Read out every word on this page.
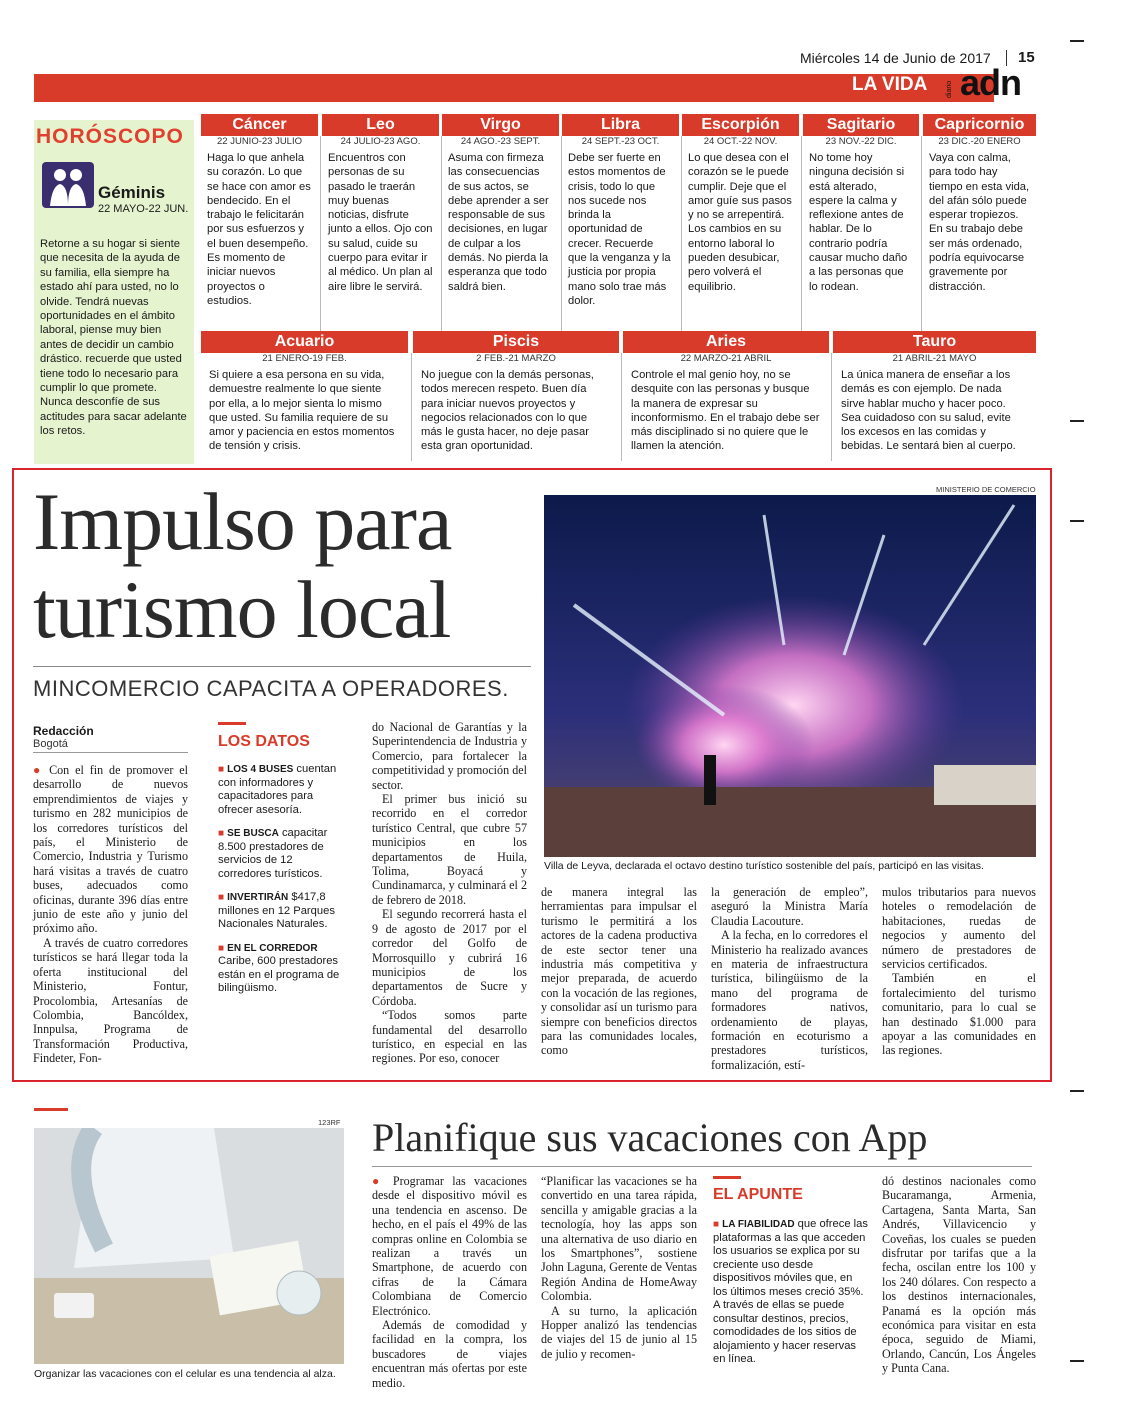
Miércoles 14 de Junio de 2017 15
LA VIDA	diario adn
HORÓSCOPO
Géminis
22 MAYO-22 JUN.
Retorne a su hogar si siente que necesita de la ayuda de su familia, ella siempre ha estado ahí para usted, no lo olvide. Tendrá nuevas oportunidades en el ámbito laboral, piense muy bien antes de decidir un cambio drástico. recuerde que usted tiene todo lo necesario para cumplir lo que promete. Nunca desconfíe de sus actitudes para sacar adelante los retos.
Cáncer
22 JUNIO-23 JULIO
Haga lo que anhela su corazón. Lo que se hace con amor es bendecido. En el trabajo le felicitarán por sus esfuerzos y el buen desempeño. Es momento de iniciar nuevos proyectos o estudios.
Leo
24 JULIO-23 AGO.
Encuentros con personas de su pasado le traerán muy buenas noticias, disfrute junto a ellos. Ojo con su salud, cuide su cuerpo para evitar ir al médico. Un plan al aire libre le servirá.
Virgo
24 AGO.-23 SEPT.
Asuma con firmeza las consecuencias de sus actos, se debe aprender a ser responsable de sus decisiones, en lugar de culpar a los demás. No pierda la esperanza que todo saldrá bien.
Libra
24 SEPT.-23 OCT.
Debe ser fuerte en estos momentos de crisis, todo lo que nos sucede nos brinda la oportunidad de crecer. Recuerde que la venganza y la justicia por propia mano solo trae más dolor.
Escorpión
24 OCT.-22 NOV.
Lo que desea con el corazón se le puede cumplir. Deje que el amor guíe sus pasos y no se arrepentirá. Los cambios en su entorno laboral lo pueden desubicar, pero volverá el equilibrio.
Sagitario
23 NOV.-22 DIC.
No tome hoy ninguna decisión si está alterado, espere la calma y reflexione antes de hablar. De lo contrario podría causar mucho daño a las personas que lo rodean.
Capricornio
23 DIC.-20 ENERO
Vaya con calma, para todo hay tiempo en esta vida, del afán sólo puede esperar tropiezos. En su trabajo debe ser más ordenado, podría equivocarse gravemente por distracción.
Acuario
21 ENERO-19 FEB.
Si quiere a esa persona en su vida, demuestre realmente lo que siente por ella, a lo mejor sienta lo mismo que usted. Su familia requiere de su amor y paciencia en estos momentos de tensión y crisis.
Piscis
2 FEB.-21 MARZO
No juegue con la demás personas, todos merecen respeto. Buen día para iniciar nuevos proyectos y negocios relacionados con lo que más le gusta hacer, no deje pasar esta gran oportunidad.
Aries
22 MARZO-21 ABRIL
Controle el mal genio hoy, no se desquite con las personas y busque la manera de expresar su inconformismo. En el trabajo debe ser más disciplinado si no quiere que le llamen la atención.
Tauro
21 ABRIL-21 MAYO
La única manera de enseñar a los demás es con ejemplo. De nada sirve hablar mucho y hacer poco. Sea cuidadoso con su salud, evite los excesos en las comidas y bebidas. Le sentará bien al cuerpo.
Impulso para
turismo local
MINCOMERCIO CAPACITA A OPERADORES.
MINISTERIO DE COMERCIO
Villa de Leyva, declarada el octavo destino turístico sostenible del país, participó en las visitas.
Redacción
Bogotá
● Con el fin de promover el desarrollo de nuevos emprendimientos de viajes y turismo en 282 municipios de los corredores turísticos del país, el Ministerio de Comercio, Industria y Turismo hará visitas a través de cuatro buses, adecuados como oficinas, durante 396 días entre junio de este año y junio del próximo año.
A través de cuatro corredores turísticos se hará llegar toda la oferta institucional del Ministerio, Fontur, Procolombia, Artesanías de Colombia, Bancóldex, Innpulsa, Programa de Transformación Productiva, Findeter, Fon-
LOS DATOS
■ LOS 4 BUSES cuentan con informadores y capacitadores para ofrecer asesoría.
■ SE BUSCA capacitar 8.500 prestadores de servicios de 12 corredores turísticos.
■ INVERTIRÁN $417,8 millones en 12 Parques Nacionales Naturales.
■ EN EL CORREDOR Caribe, 600 prestadores están en el programa de bilingüismo.
do Nacional de Garantías y la Superintendencia de Industria y Comercio, para fortalecer la competitividad y promoción del sector.
El primer bus inició su recorrido en el corredor turístico Central, que cubre 57 municipios en los departamentos de Huila, Tolima, Boyacá y Cundinamarca, y culminará el 2 de febrero de 2018.
El segundo recorrerá hasta el 9 de agosto de 2017 por el corredor del Golfo de Morrosquillo y cubrirá 16 municipios de los departamentos de Sucre y Córdoba.
“Todos somos parte fundamental del desarrollo turístico, en especial en las regiones. Por eso, conocer
de manera integral las herramientas para impulsar el turismo le permitirá a los actores de la cadena productiva de este sector tener una industria más competitiva y mejor preparada, de acuerdo con la vocación de las regiones, y consolidar así un turismo para siempre con beneficios directos para las comunidades locales, como
la generación de empleo”, aseguró la Ministra María Claudia Lacouture.
A la fecha, en lo corredores el Ministerio ha realizado avances en materia de infraestructura turística, bilingüismo de la mano del programa de formadores nativos, ordenamiento de playas, formación en ecoturismo a prestadores turísticos, formalización, estí-
mulos tributarios para nuevos hoteles o remodelación de habitaciones, ruedas de negocios y aumento del número de prestadores de servicios certificados.
También en el fortalecimiento del turismo comunitario, para lo cual se han destinado $1.000 para apoyar a las comunidades en las regiones.
123RF
Organizar las vacaciones con el celular es una tendencia al alza.
Planifique sus vacaciones con App
● Programar las vacaciones desde el dispositivo móvil es una tendencia en ascenso. De hecho, en el país el 49% de las compras online en Colombia se realizan a través un Smartphone, de acuerdo con cifras de la Cámara Colombiana de Comercio Electrónico.
Además de comodidad y facilidad en la compra, los buscadores de viajes encuentran más ofertas por este medio.
“Planificar las vacaciones se ha convertido en una tarea rápida, sencilla y amigable gracias a la tecnología, hoy las apps son una alternativa de uso diario en los Smartphones”, sostiene John Laguna, Gerente de Ventas Región Andina de HomeAway Colombia.
A su turno, la aplicación Hopper analizó las tendencias de viajes del 15 de junio al 15 de julio y recomen-
EL APUNTE
■ LA FIABILIDAD que ofrece las plataformas a las que acceden los usuarios se explica por su creciente uso desde dispositivos móviles que, en los últimos meses creció 35%. A través de ellas se puede consultar destinos, precios, comodidades de los sitios de alojamiento y hacer reservas en línea.
dó destinos nacionales como Bucaramanga, Armenia, Cartagena, Santa Marta, San Andrés, Villavicencio y Coveñas, los cuales se pueden disfrutar por tarifas que a la fecha, oscilan entre los 100 y los 240 dólares. Con respecto a los destinos internacionales, Panamá es la opción más económica para visitar en esta época, seguido de Miami, Orlando, Cancún, Los Ángeles y Punta Cana.
